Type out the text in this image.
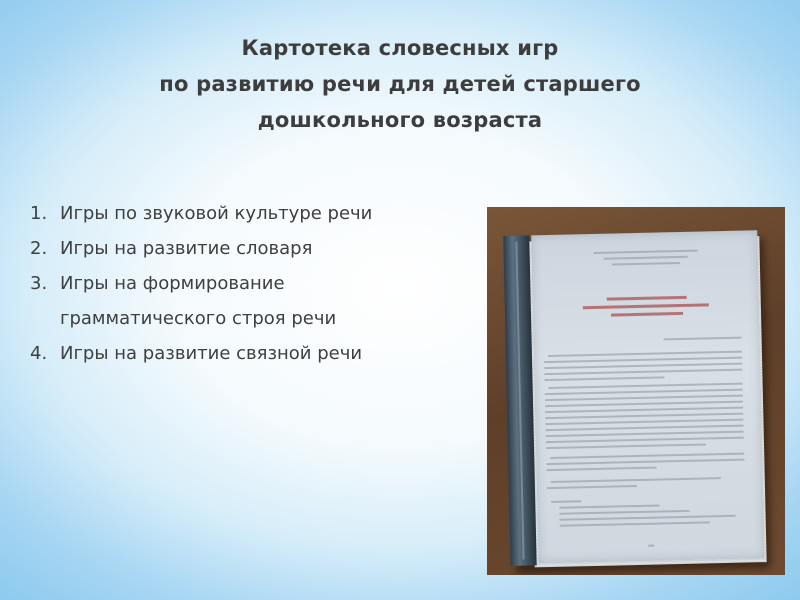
Картотека словесных игр
по развитию речи для детей старшего
дошкольного возраста
1. Игры по звуковой культуре речи
2. Игры на развитие словаря
3. Игры на формирование
грамматического строя речи
4. Игры на развитие связной речи
